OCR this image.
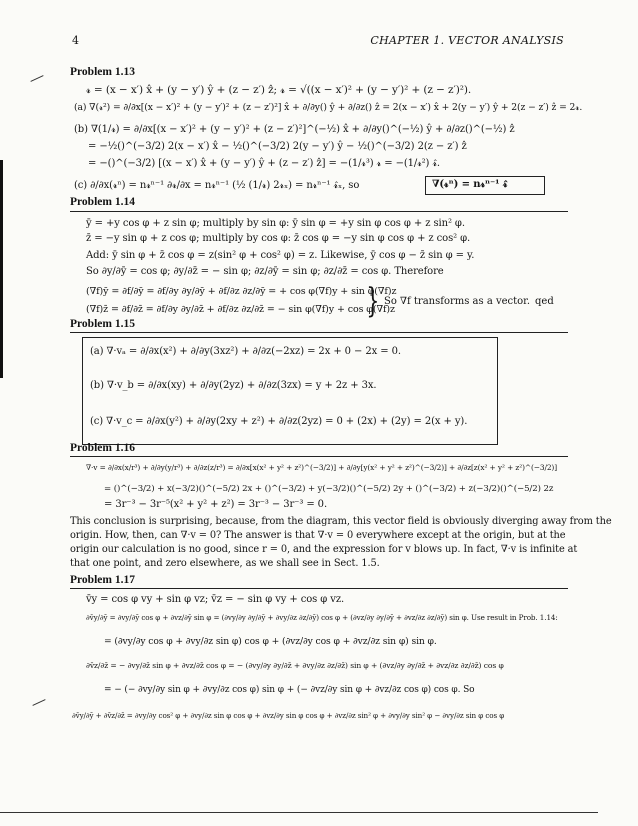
4	CHAPTER 1. VECTOR ANALYSIS
Problem 1.13
𝓻 = (x − x′) x̂ + (y − y′) ŷ + (z − z′) ẑ; 𝓻 = √((x − x′)² + (y − y′)² + (z − z′)²).
(a) ∇(𝓻²) = ∂/∂x[(x − x′)² + (y − y′)² + (z − z′)²] x̂ + ∂/∂y() ŷ + ∂/∂z() ẑ = 2(x − x′) x̂ + 2(y − y′) ŷ + 2(z − z′) ẑ = 2𝓻.
(b) ∇(1/𝓻) = ∂/∂x[(x − x′)² + (y − y′)² + (z − z′)²]^(−½) x̂ + ∂/∂y()^(−½) ŷ + ∂/∂z()^(−½) ẑ
= −½()^(−3/2) 2(x − x′) x̂ − ½()^(−3/2) 2(y − y′) ŷ − ½()^(−3/2) 2(z − z′) ẑ
= −()^(−3/2) [(x − x′) x̂ + (y − y′) ŷ + (z − z′) ẑ] = −(1/𝓻³) 𝓻 = −(1/𝓻²) 𝓻̂.
(c) ∂/∂x(𝓻ⁿ) = n𝓻ⁿ⁻¹ ∂𝓻/∂x = n𝓻ⁿ⁻¹ (½ (1/𝓻) 2𝓻ₓ) = n𝓻ⁿ⁻¹ 𝓻̂ₓ, so	∇(𝓻ⁿ) = n𝓻ⁿ⁻¹ 𝓻̂
Problem 1.14
ȳ = +y cos φ + z sin φ; multiply by sin φ: ȳ sin φ = +y sin φ cos φ + z sin² φ.
z̄ = −y sin φ + z cos φ; multiply by cos φ: z̄ cos φ = −y sin φ cos φ + z cos² φ.
Add: ȳ sin φ + z̄ cos φ = z(sin² φ + cos² φ) = z. Likewise, ȳ cos φ − z̄ sin φ = y.
So ∂y/∂ȳ = cos φ; ∂y/∂z̄ = − sin φ; ∂z/∂ȳ = sin φ; ∂z/∂z̄ = cos φ. Therefore
(∇f)ȳ = ∂f/∂ȳ = ∂f/∂y ∂y/∂ȳ + ∂f/∂z ∂z/∂ȳ = + cos φ(∇f)y + sin φ(∇f)z
(∇f)z̄ = ∂f/∂z̄ = ∂f/∂y ∂y/∂z̄ + ∂f/∂z ∂z/∂z̄ = − sin φ(∇f)y + cos φ(∇f)z
} So ∇f transforms as a vector. qed
Problem 1.15
(a) ∇·vₐ = ∂/∂x(x²) + ∂/∂y(3xz²) + ∂/∂z(−2xz) = 2x + 0 − 2x = 0.
(b) ∇·v_b = ∂/∂x(xy) + ∂/∂y(2yz) + ∂/∂z(3zx) = y + 2z + 3x.
(c) ∇·v_c = ∂/∂x(y²) + ∂/∂y(2xy + z²) + ∂/∂z(2yz) = 0 + (2x) + (2y) = 2(x + y).
Problem 1.16
∇·v = ∂/∂x(x/r³) + ∂/∂y(y/r³) + ∂/∂z(z/r³) = ∂/∂x[x(x² + y² + z²)^(−3/2)] + ∂/∂y[y(x² + y² + z²)^(−3/2)] + ∂/∂z[z(x² + y² + z²)^(−3/2)]
= ()^(−3/2) + x(−3/2)()^(−5/2) 2x + ()^(−3/2) + y(−3/2)()^(−5/2) 2y + ()^(−3/2) + z(−3/2)()^(−5/2) 2z
= 3r⁻³ − 3r⁻⁵(x² + y² + z²) = 3r⁻³ − 3r⁻³ = 0.
This conclusion is surprising, because, from the diagram, this vector field is obviously diverging away from the
origin. How, then, can ∇·v = 0? The answer is that ∇·v = 0 everywhere except at the origin, but at the
origin our calculation is no good, since r = 0, and the expression for v blows up. In fact, ∇·v is infinite at
that one point, and zero elsewhere, as we shall see in Sect. 1.5.
Problem 1.17
v̄y = cos φ vy + sin φ vz; v̄z = − sin φ vy + cos φ vz.
∂v̄y/∂ȳ = ∂vy/∂ȳ cos φ + ∂vz/∂ȳ sin φ = (∂vy/∂y ∂y/∂ȳ + ∂vy/∂z ∂z/∂ȳ) cos φ + (∂vz/∂y ∂y/∂ȳ + ∂vz/∂z ∂z/∂ȳ) sin φ. Use result in Prob. 1.14:
= (∂vy/∂y cos φ + ∂vy/∂z sin φ) cos φ + (∂vz/∂y cos φ + ∂vz/∂z sin φ) sin φ.
∂v̄z/∂z̄ = − ∂vy/∂z̄ sin φ + ∂vz/∂z̄ cos φ = − (∂vy/∂y ∂y/∂z̄ + ∂vy/∂z ∂z/∂z̄) sin φ + (∂vz/∂y ∂y/∂z̄ + ∂vz/∂z ∂z/∂z̄) cos φ
= − (− ∂vy/∂y sin φ + ∂vy/∂z cos φ) sin φ + (− ∂vz/∂y sin φ + ∂vz/∂z cos φ) cos φ. So
∂v̄y/∂ȳ + ∂v̄z/∂z̄ = ∂vy/∂y cos² φ + ∂vy/∂z sin φ cos φ + ∂vz/∂y sin φ cos φ + ∂vz/∂z sin² φ + ∂vy/∂y sin² φ − ∂vy/∂z sin φ cos φ
